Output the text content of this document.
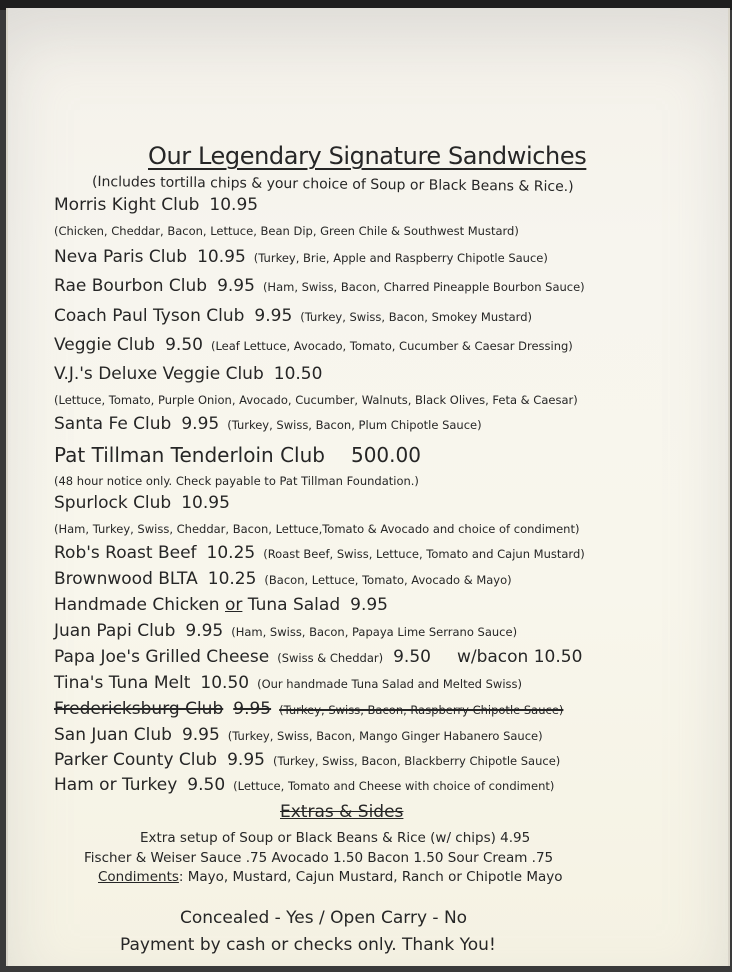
Our Legendary Signature Sandwiches
(Includes tortilla chips & your choice of Soup or Black Beans & Rice.)
Morris Kight Club 10.95
(Chicken, Cheddar, Bacon, Lettuce, Bean Dip, Green Chile & Southwest Mustard)
Neva Paris Club 10.95 (Turkey, Brie, Apple and Raspberry Chipotle Sauce)
Rae Bourbon Club 9.95 (Ham, Swiss, Bacon, Charred Pineapple Bourbon Sauce)
Coach Paul Tyson Club 9.95 (Turkey, Swiss, Bacon, Smokey Mustard)
Veggie Club 9.50 (Leaf Lettuce, Avocado, Tomato, Cucumber & Caesar Dressing)
V.J.'s Deluxe Veggie Club 10.50
(Lettuce, Tomato, Purple Onion, Avocado, Cucumber, Walnuts, Black Olives, Feta & Caesar)
Santa Fe Club 9.95 (Turkey, Swiss, Bacon, Plum Chipotle Sauce)
Pat Tillman Tenderloin Club 500.00
(48 hour notice only. Check payable to Pat Tillman Foundation.)
Spurlock Club 10.95
(Ham, Turkey, Swiss, Cheddar, Bacon, Lettuce,Tomato & Avocado and choice of condiment)
Rob's Roast Beef 10.25 (Roast Beef, Swiss, Lettuce, Tomato and Cajun Mustard)
Brownwood BLTA 10.25 (Bacon, Lettuce, Tomato, Avocado & Mayo)
Handmade Chicken or Tuna Salad 9.95
Juan Papi Club 9.95 (Ham, Swiss, Bacon, Papaya Lime Serrano Sauce)
Papa Joe's Grilled Cheese (Swiss & Cheddar) 9.50 w/bacon 10.50
Tina's Tuna Melt 10.50 (Our handmade Tuna Salad and Melted Swiss)
Fredericksburg Club 9.95 (Turkey, Swiss, Bacon, Raspberry Chipotle Sauce)
San Juan Club 9.95 (Turkey, Swiss, Bacon, Mango Ginger Habanero Sauce)
Parker County Club 9.95 (Turkey, Swiss, Bacon, Blackberry Chipotle Sauce)
Ham or Turkey 9.50 (Lettuce, Tomato and Cheese with choice of condiment)
Extras & Sides
Extra setup of Soup or Black Beans & Rice (w/ chips) 4.95
Fischer & Weiser Sauce .75 Avocado 1.50 Bacon 1.50 Sour Cream .75
Condiments: Mayo, Mustard, Cajun Mustard, Ranch or Chipotle Mayo
Concealed - Yes / Open Carry - No
Payment by cash or checks only. Thank You!
